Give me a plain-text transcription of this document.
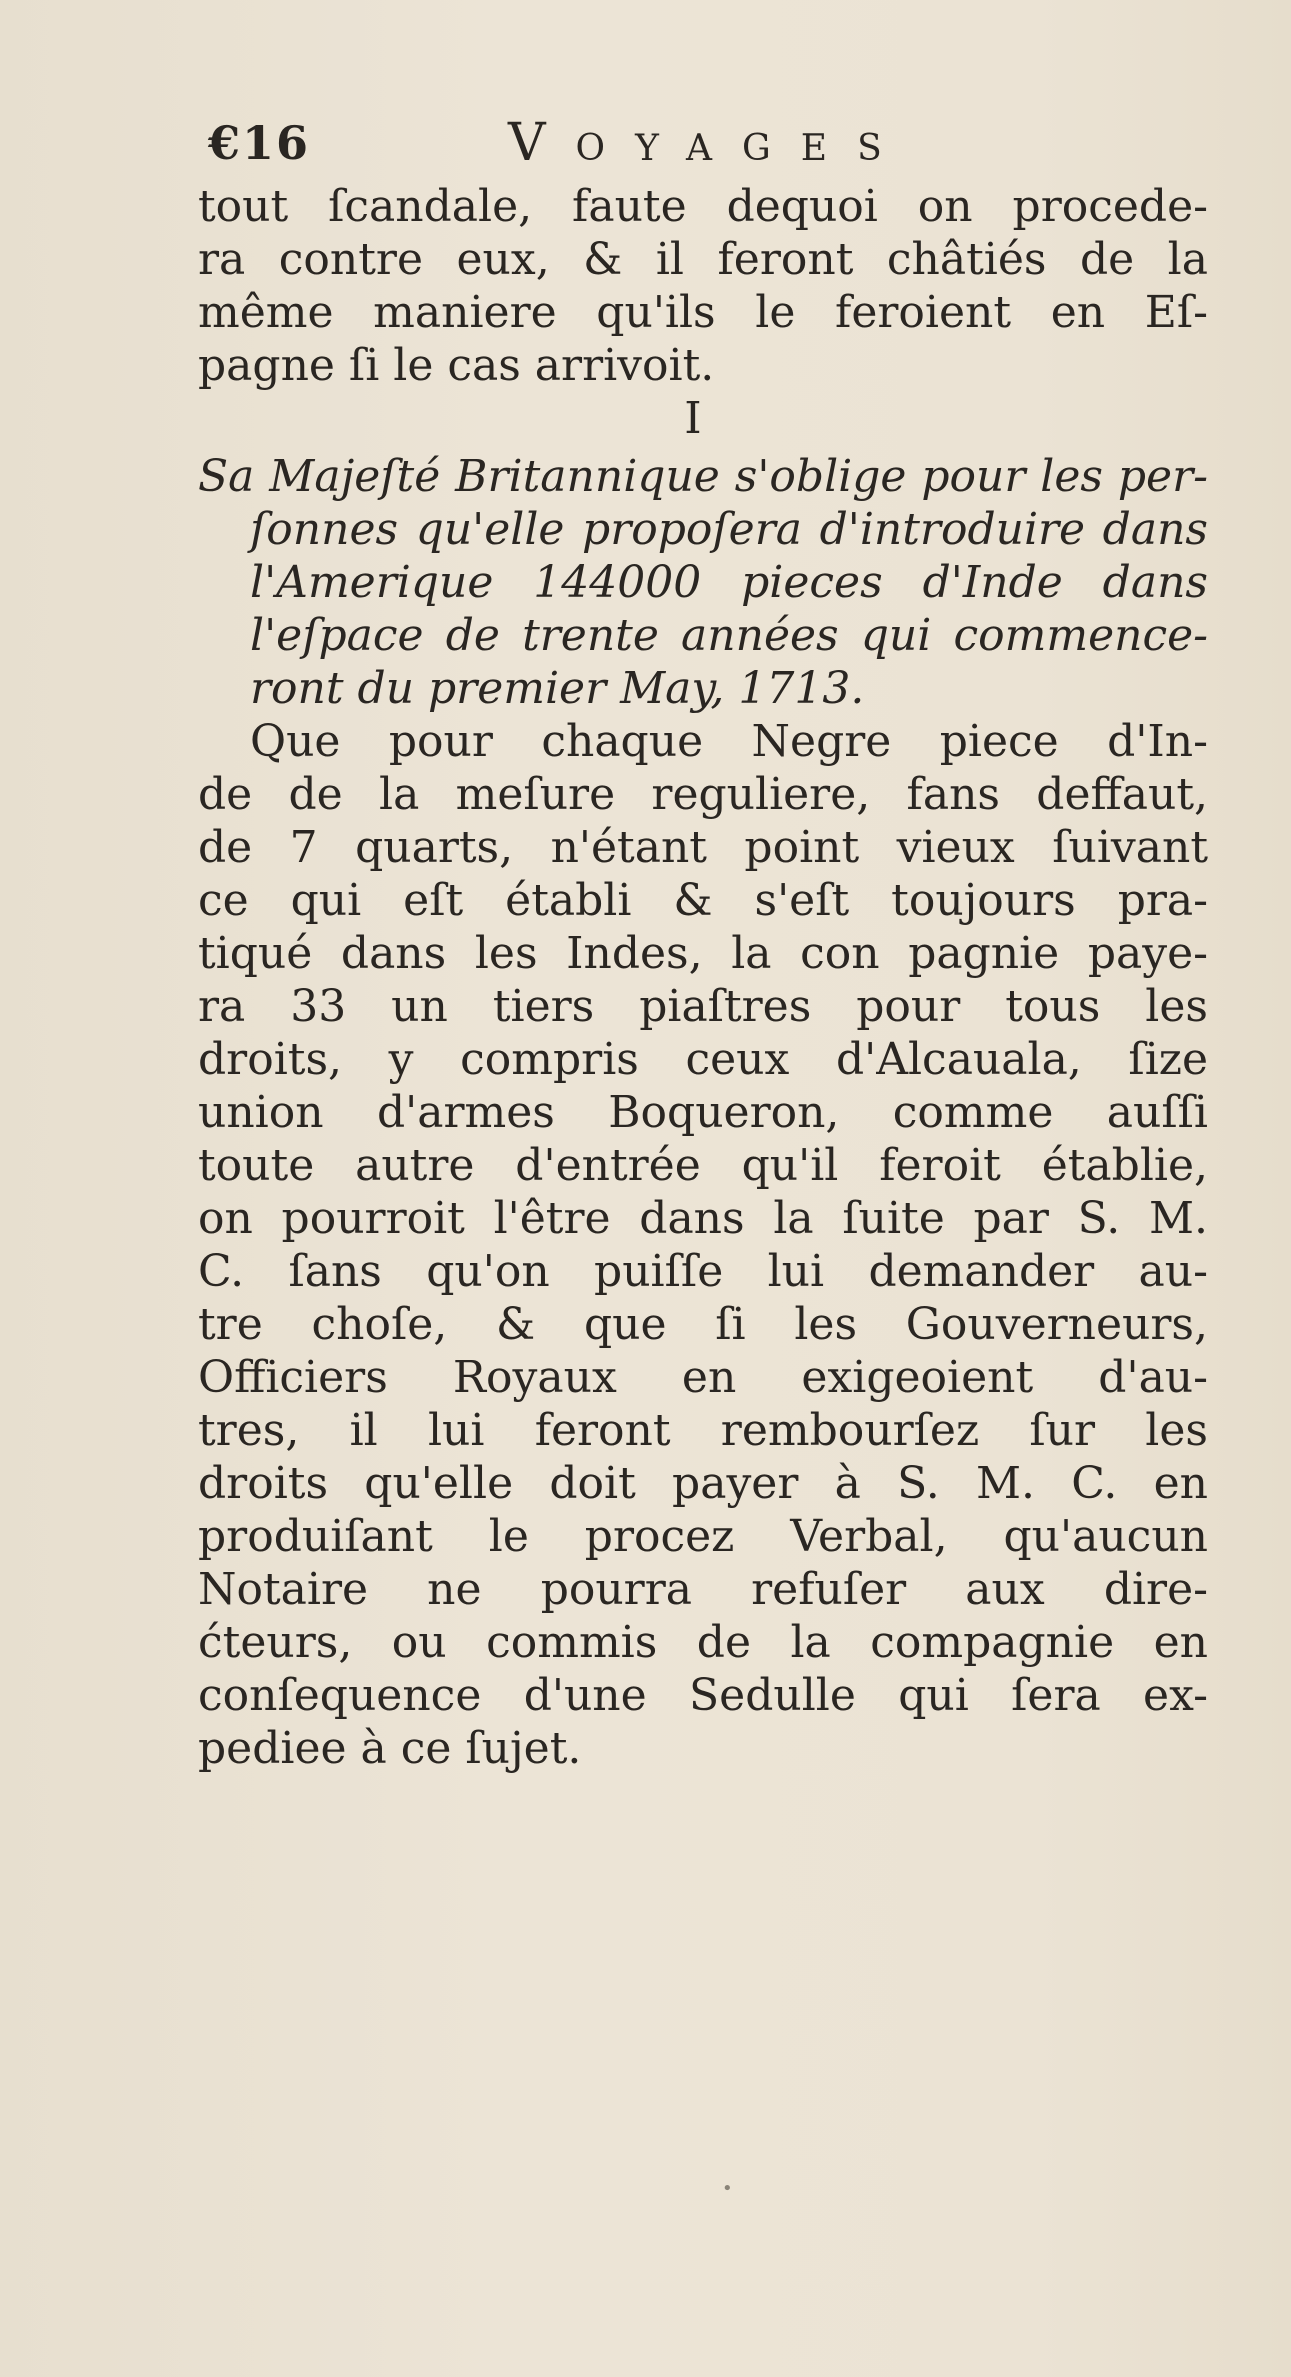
€16	Voyages
tout ſcandale, faute dequoi on procede-
ra contre eux, & il feront châtiés de la
même maniere qu'ils le feroient en Eſ-
pagne ſi le cas arrivoit.
I
Sa Majeſté Britannique s'oblige pour les per-
ſonnes qu'elle propoſera d'introduire dans
l'Amerique 144000 pieces d'Inde dans
l'eſpace de trente années qui commence-
ront du premier May, 1713.
Que pour chaque Negre piece d'In-
de de la meſure reguliere, fans deffaut,
de 7 quarts, n'étant point vieux ſuivant
ce qui eſt établi & s'eſt toujours pra-
tiqué dans les Indes, la con pagnie paye-
ra 33 un tiers piaſtres pour tous les
droits, y compris ceux d'Alcauala, ſize
union d'armes Boqueron, comme auſſi
toute autre d'entrée qu'il feroit établie,
on pourroit l'être dans la ſuite par S. M.
C. ſans qu'on puiſſe lui demander au-
tre choſe, & que ſi les Gouverneurs,
Officiers Royaux en exigeoient d'au-
tres, il lui feront rembourſez ſur les
droits qu'elle doit payer à S. M. C. en
produiſant le procez Verbal, qu'aucun
Notaire ne pourra refuſer aux dire-
ćteurs, ou commis de la compagnie en
conſequence d'une Sedulle qui ſera ex-
pediee à ce ſujet.
•
